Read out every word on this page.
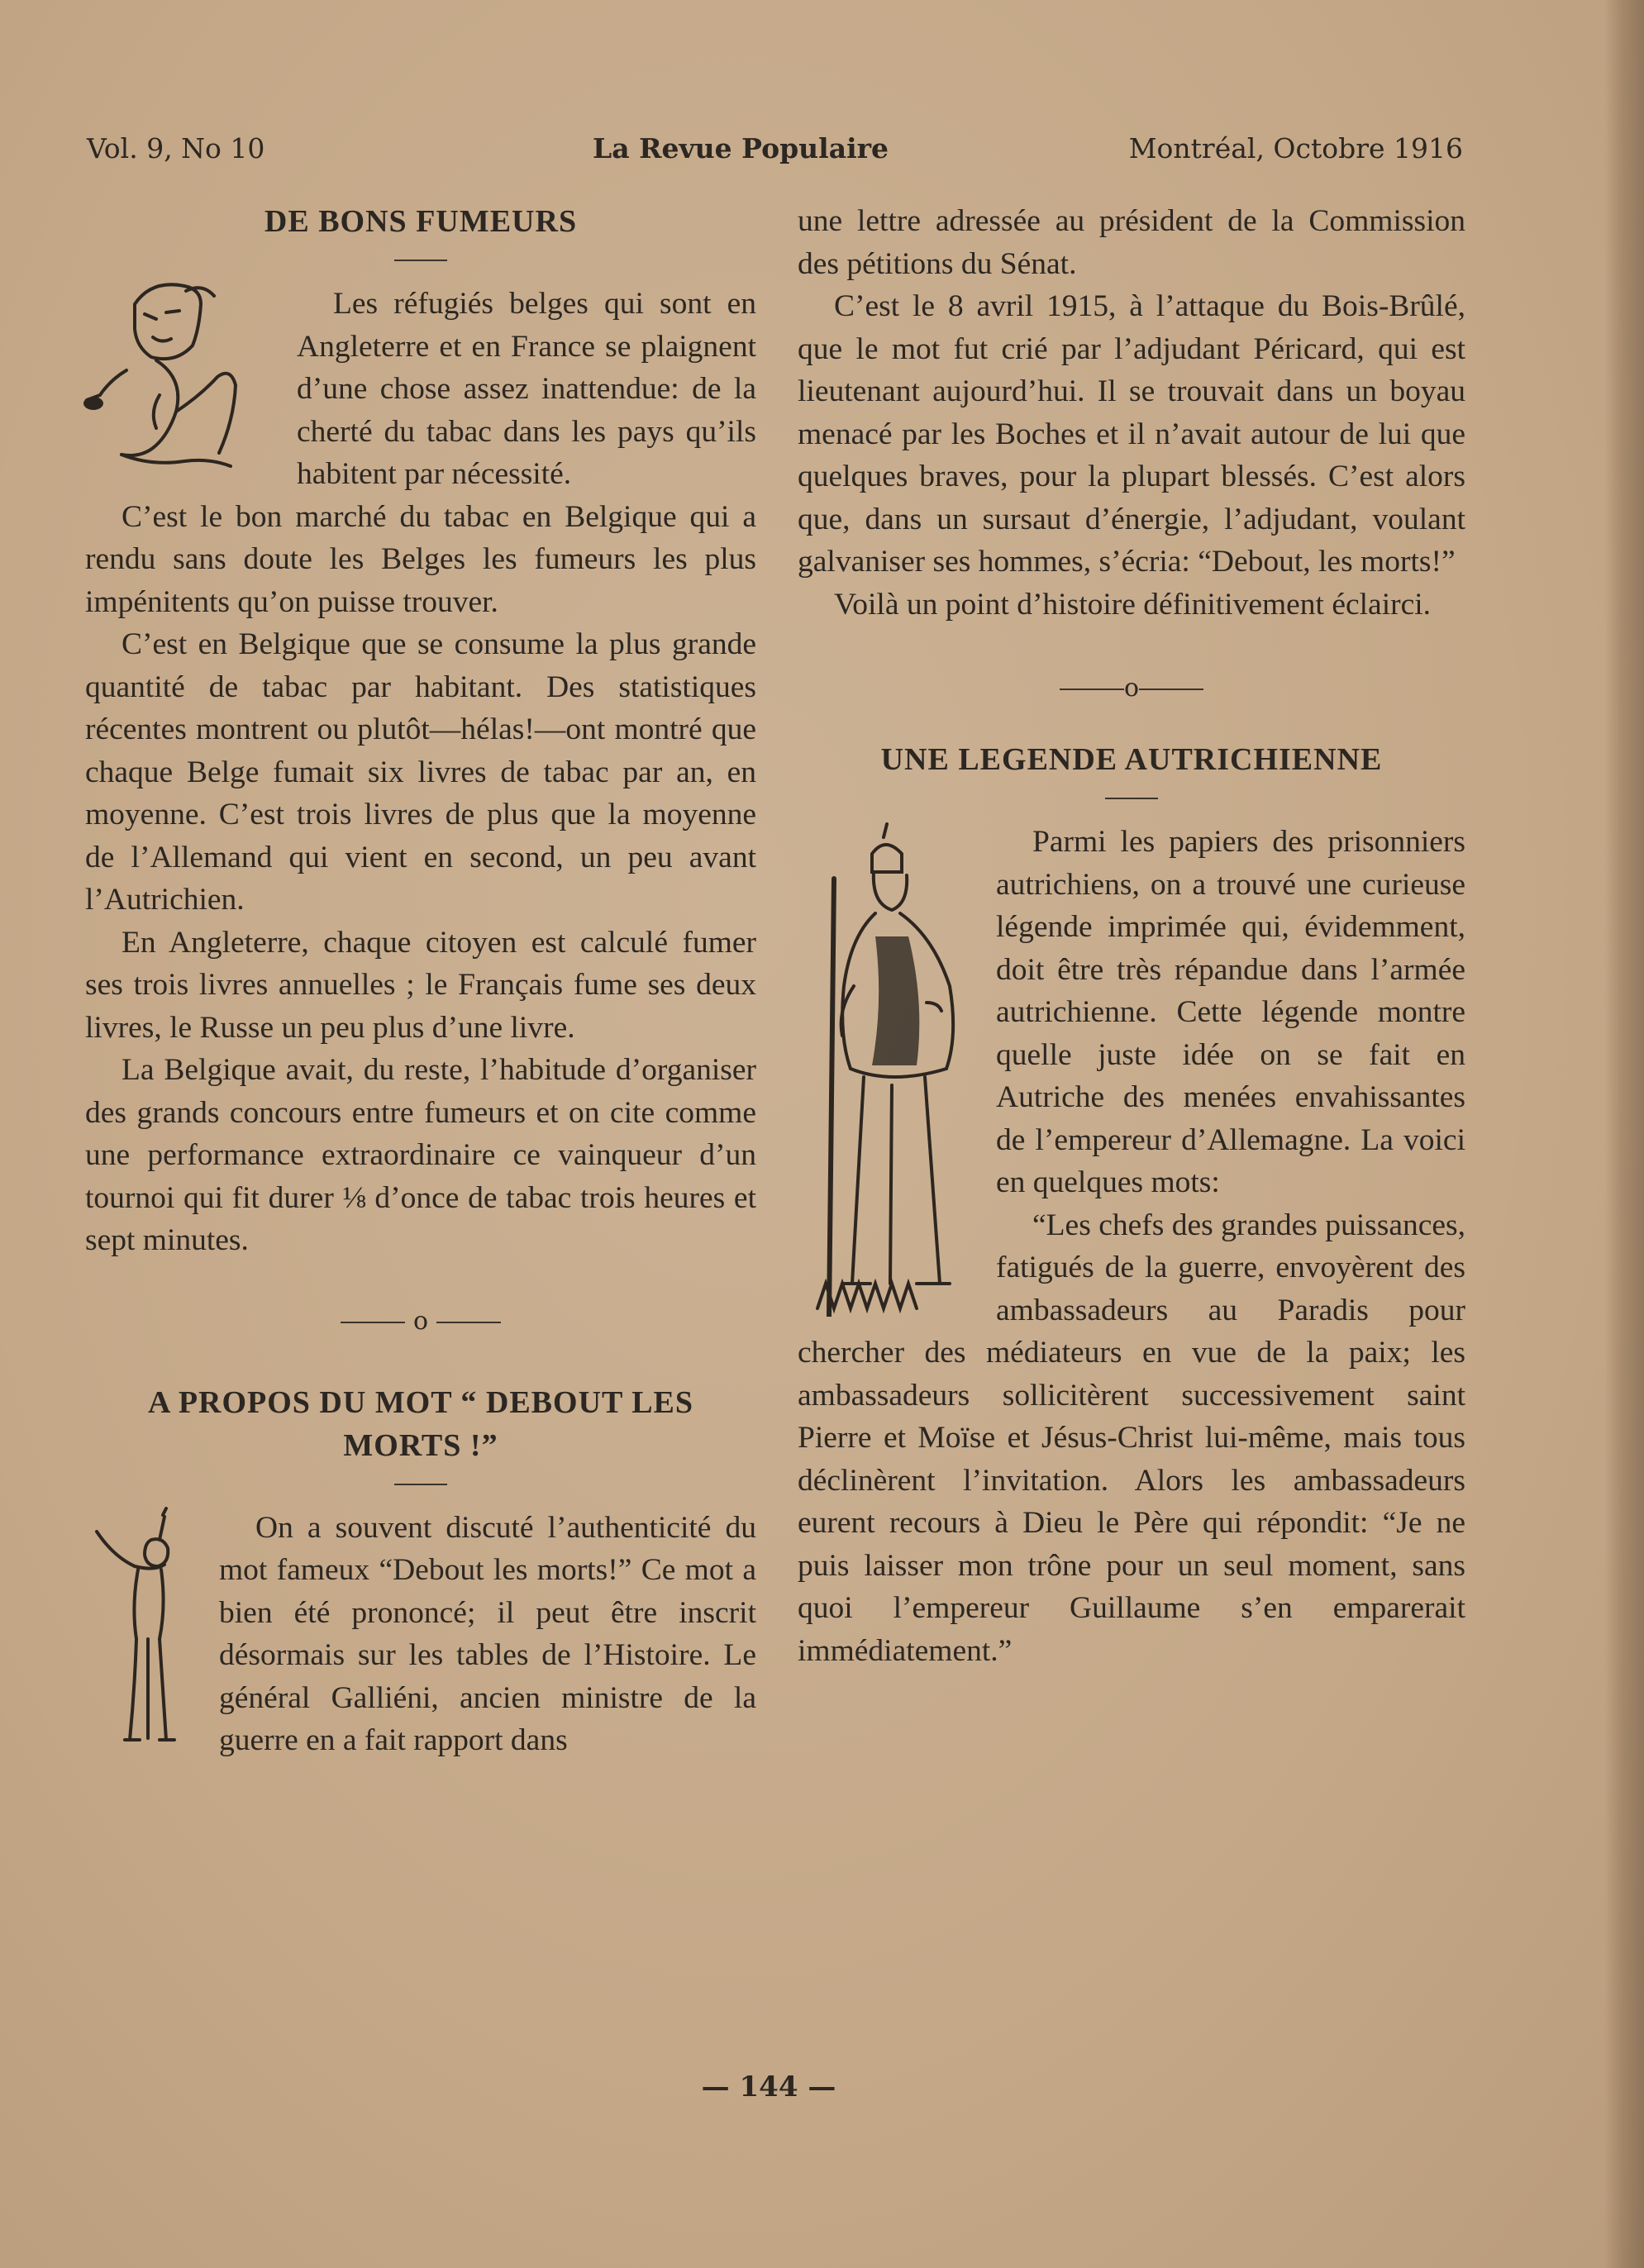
Vol. 9, No 10	La Revue Populaire	Montréal, Octobre 1916
DE BONS FUMEURS

Les réfugiés belges qui sont en Angleterre et en France se plaignent d’une chose assez inattendue: de la cherté du tabac dans les pays qu’ils habitent par nécessité.

C’est le bon marché du tabac en Belgique qui a rendu sans doute les Belges les fumeurs les plus impénitents qu’on puisse trouver.

C’est en Belgique que se consume la plus grande quantité de tabac par habitant. Des statistiques récentes montrent ou plutôt—hélas!—ont montré que chaque Belge fumait six livres de tabac par an, en moyenne. C’est trois livres de plus que la moyenne de l’Allemand qui vient en second, un peu avant l’Autrichien.

En Angleterre, chaque citoyen est calculé fumer ses trois livres annuelles ; le Français fume ses deux livres, le Russe un peu plus d’une livre.

La Belgique avait, du reste, l’habitude d’organiser des grands concours entre fumeurs et on cite comme une performance extraordinaire ce vainqueur d’un tournoi qui fit durer ⅛ d’once de tabac trois heures et sept minutes.

o

A PROPOS DU MOT “ DEBOUT LES
MORTS !”

On a souvent discuté l’authenticité du mot fameux “Debout les morts!” Ce mot a bien été prononcé; il peut être inscrit désormais sur les tables de l’Histoire. Le général Galliéni, ancien ministre de la guerre en a fait rapport dans

une lettre adressée au président de la Commission des pétitions du Sénat.

C’est le 8 avril 1915, à l’attaque du Bois-Brûlé, que le mot fut crié par l’adjudant Péricard, qui est lieutenant aujourd’hui. Il se trouvait dans un boyau menacé par les Boches et il n’avait autour de lui que quelques braves, pour la plupart blessés. C’est alors que, dans un sursaut d’énergie, l’adjudant, voulant galvaniser ses hommes, s’écria: “Debout, les morts!”

Voilà un point d’histoire définitivement éclairci.

o

UNE LEGENDE AUTRICHIENNE

Parmi les papiers des prisonniers autrichiens, on a trouvé une curieuse légende imprimée qui, évidemment, doit être très répandue dans l’armée autrichienne. Cette légende montre quelle juste idée on se fait en Autriche des menées envahissantes de l’empereur d’Allemagne. La voici en quelques mots:

“Les chefs des grandes puissances, fatigués de la guerre, envoyèrent des ambassadeurs au Paradis pour chercher des médiateurs en vue de la paix; les ambassadeurs sollicitèrent successivement saint Pierre et Moïse et Jésus-Christ lui-même, mais tous déclinèrent l’invitation. Alors les ambassadeurs eurent recours à Dieu le Père qui répondit: “Je ne puis laisser mon trône pour un seul moment, sans quoi l’empereur Guillaume s’en emparerait immédiatement.”

— 144 —
